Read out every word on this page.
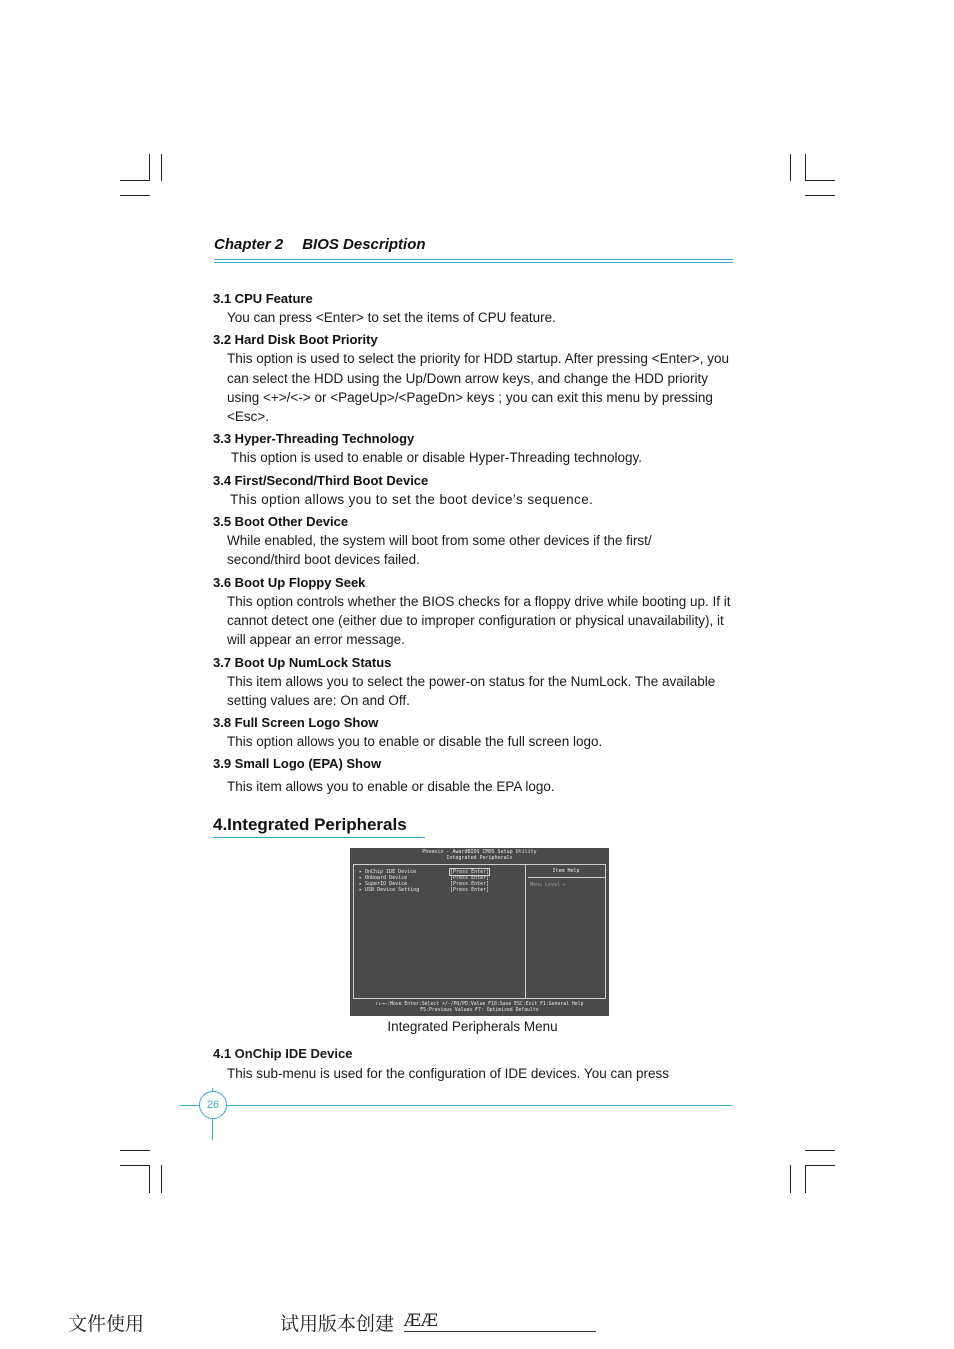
Chapter 2 BIOS Description

3.1 CPU Feature

You can press <Enter> to set the items of CPU feature.

3.2 Hard Disk Boot Priority

This option is used to select the priority for HDD startup. After pressing <Enter>, you can select the HDD using the Up/Down arrow keys, and change the HDD priority using <+>/<-> or <PageUp>/<PageDn> keys ; you can exit this menu by pressing <Esc>.

3.3 Hyper-Threading Technology

This option is used to enable or disable Hyper-Threading technology.

3.4 First/Second/Third Boot Device

This option allows you to set the boot device’s sequence.

3.5 Boot Other Device

While enabled, the system will boot from some other devices if the first/ second/third boot devices failed.

3.6 Boot Up Floppy Seek

This option controls whether the BIOS checks for a floppy drive while booting up. If it cannot detect one (either due to improper configuration or physical unavailability), it will appear an error message.

3.7 Boot Up NumLock Status

This item allows you to select the power-on status for the NumLock. The available setting values are: On and Off.

3.8 Full Screen Logo Show

This option allows you to enable or disable the full screen logo.

3.9 Small Logo (EPA) Show

This item allows you to enable or disable the EPA logo.

4.Integrated Peripherals
Phoenix - AwardBIOS CMOS Setup Utility
Integrated Peripherals
▸ OnChip IDE Device	[Press Enter]
▸ Onboard Device	[Press Enter]
▸ SuperIO Device	[Press Enter]
▸ USB Device Setting	[Press Enter]
Item Help
Menu Level ▸
↑↓→←:Move Enter:Select +/-/PU/PD:Value F10:Save ESC:Exit F1:General Help
F5:Previous Values F7: Optimized Defaults
Integrated Peripherals Menu
4.1 OnChip IDE Device
This sub-menu is used for the configuration of IDE devices. You can press
26
文件使用	试用版本创建 ÆÆ
